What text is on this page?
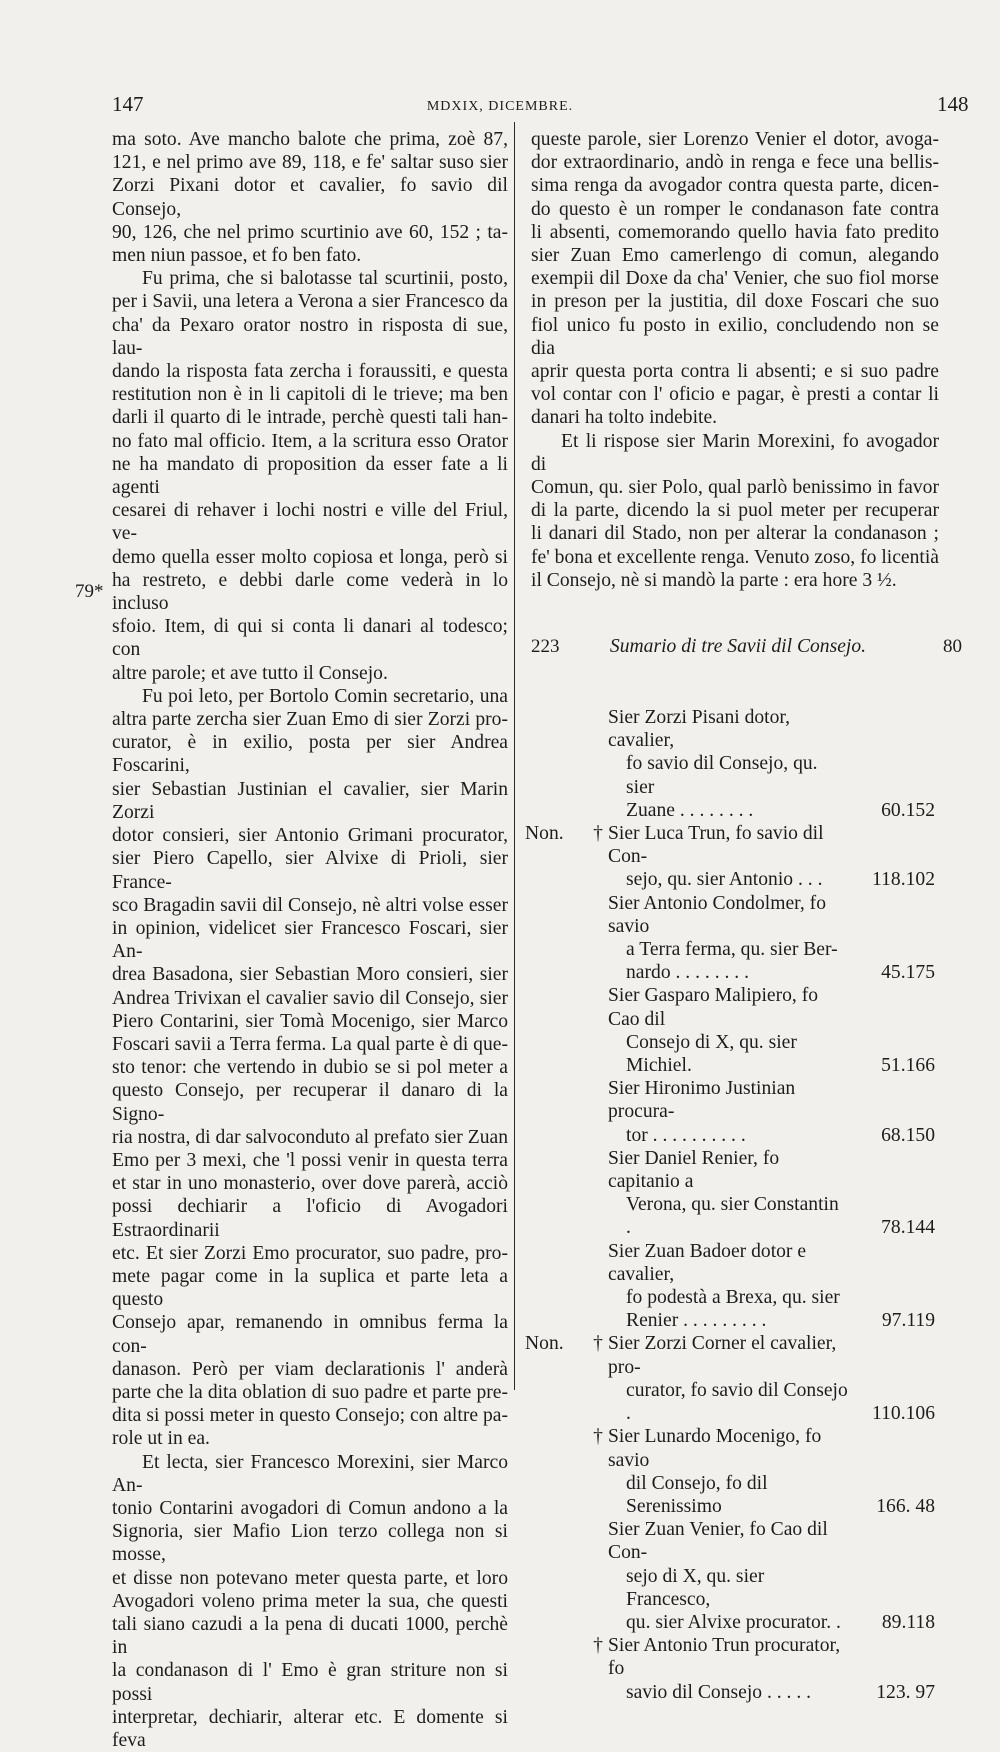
147	MDXIX, DICEMBRE.	148
79*
ma soto. Ave mancho balote che prima, zoè 87,
121, e nel primo ave 89, 118, e fe' saltar suso sier
Zorzi Pixani dotor et cavalier, fo savio dil Consejo,
90, 126, che nel primo scurtinio ave 60, 152 ; ta-
men niun passoe, et fo ben fato.
Fu prima, che si balotasse tal scurtinii, posto,
per i Savii, una letera a Verona a sier Francesco da
cha' da Pexaro orator nostro in risposta di sue, lau-
dando la risposta fata zercha i foraussiti, e questa
restitution non è in li capitoli di le trieve; ma ben
darli il quarto di le intrade, perchè questi tali han-
no fato mal officio. Item, a la scritura esso Orator
ne ha mandato di proposition da esser fate a li agenti
cesarei di rehaver i lochi nostri e ville del Friul, ve-
demo quella esser molto copiosa et longa, però si
ha restreto, e debbi darle come vederà in lo incluso
sfoio. Item, di qui si conta li danari al todesco; con
altre parole; et ave tutto il Consejo.
Fu poi leto, per Bortolo Comin secretario, una
altra parte zercha sier Zuan Emo di sier Zorzi pro-
curator, è in exilio, posta per sier Andrea Foscarini,
sier Sebastian Justinian el cavalier, sier Marin Zorzi
dotor consieri, sier Antonio Grimani procurator,
sier Piero Capello, sier Alvixe di Prioli, sier France-
sco Bragadin savii dil Consejo, nè altri volse esser
in opinion, videlicet sier Francesco Foscari, sier An-
drea Basadona, sier Sebastian Moro consieri, sier
Andrea Trivixan el cavalier savio dil Consejo, sier
Piero Contarini, sier Tomà Mocenigo, sier Marco
Foscari savii a Terra ferma. La qual parte è di que-
sto tenor: che vertendo in dubio se si pol meter a
questo Consejo, per recuperar il danaro di la Signo-
ria nostra, di dar salvoconduto al prefato sier Zuan
Emo per 3 mexi, che 'l possi venir in questa terra
et star in uno monasterio, over dove parerà, acciò
possi dechiarir a l'oficio di Avogadori Estraordinarii
etc. Et sier Zorzi Emo procurator, suo padre, pro-
mete pagar come in la suplica et parte leta a questo
Consejo apar, remanendo in omnibus ferma la con-
danason. Però per viam declarationis l' anderà
parte che la dita oblation di suo padre et parte pre-
dita si possi meter in questo Consejo; con altre pa-
role ut in ea.
Et lecta, sier Francesco Morexini, sier Marco An-
tonio Contarini avogadori di Comun andono a la
Signoria, sier Mafio Lion terzo collega non si mosse,
et disse non potevano meter questa parte, et loro
Avogadori voleno prima meter la sua, che questi
tali siano cazudi a la pena di ducati 1000, perchè in
la condanason di l' Emo è gran striture non si possi
interpretar, dechiarir, alterar etc. E domente si feva
queste parole, sier Lorenzo Venier el dotor, avoga-
dor extraordinario, andò in renga e fece una bellis-
sima renga da avogador contra questa parte, dicen-
do questo è un romper le condanason fate contra
li absenti, comemorando quello havia fato predito
sier Zuan Emo camerlengo di comun, alegando
exempii dil Doxe da cha' Venier, che suo fiol morse
in preson per la justitia, dil doxe Foscari che suo
fiol unico fu posto in exilio, concludendo non se dia
aprir questa porta contra li absenti; e si suo padre
vol contar con l' oficio e pagar, è presti a contar li
danari ha tolto indebite.
Et li rispose sier Marin Morexini, fo avogador di
Comun, qu. sier Polo, qual parlò benissimo in favor
di la parte, dicendo la si puol meter per recuperar
li danari dil Stado, non per alterar la condanason ;
fe' bona et excellente renga. Venuto zoso, fo licentià
il Consejo, nè si mandò la parte : era hore 3 ½.
223	Sumario di tre Savii dil Consejo.	80
Sier Zorzi Pisani dotor, cavalier,
fo savio dil Consejo, qu. sier
Zuane . . . . . . . .	60.152
Non.	† Sier Luca Trun, fo savio dil Con-
sejo, qu. sier Antonio . . .	118.102
Sier Antonio Condolmer, fo savio
a Terra ferma, qu. sier Ber-
nardo . . . . . . . .	45.175
Sier Gasparo Malipiero, fo Cao dil
Consejo di X, qu. sier Michiel.	51.166
Sier Hironimo Justinian procura-
tor . . . . . . . . . .	68.150
Sier Daniel Renier, fo capitanio a
Verona, qu. sier Constantin .	78.144
Sier Zuan Badoer dotor e cavalier,
fo podestà a Brexa, qu. sier
Renier . . . . . . . . .	97.119
Non.	† Sier Zorzi Corner el cavalier, pro-
curator, fo savio dil Consejo .	110.106
† Sier Lunardo Mocenigo, fo savio
dil Consejo, fo dil Serenissimo	166. 48
Sier Zuan Venier, fo Cao dil Con-
sejo di X, qu. sier Francesco,
qu. sier Alvixe procurator. .	89.118
† Sier Antonio Trun procurator, fo
savio dil Consejo . . . . .	123. 97
